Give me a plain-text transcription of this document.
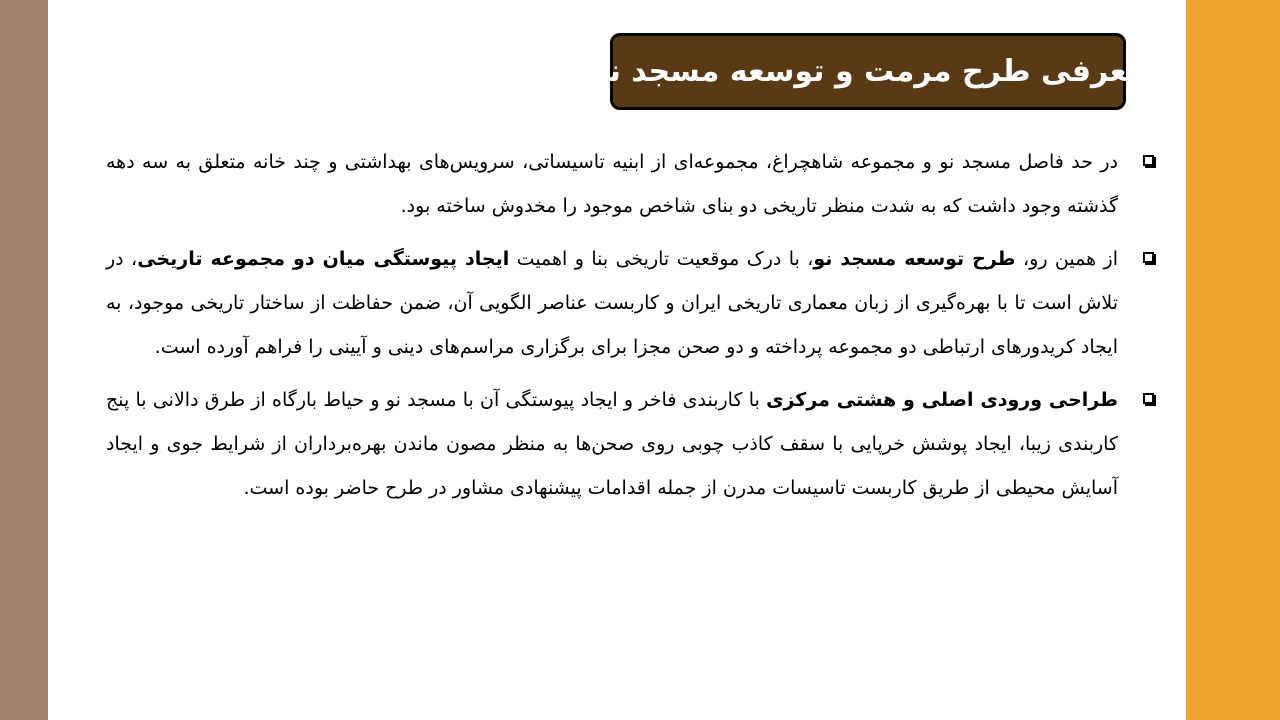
معرفی طرح مرمت و توسعه مسجد نو
در حد فاصل مسجد نو و مجموعه شاهچراغ، مجموعه‌ای از ابنیه تاسیساتی، سرویس‌های بهداشتی و چند خانه متعلق به سه دهه گذشته وجود داشت که به شدت منظر تاریخی دو بنای شاخص موجود را مخدوش ساخته بود.
از همین رو، طرح توسعه مسجد نو، با درک موقعیت تاریخی بنا و اهمیت ایجاد پیوستگی میان دو مجموعه تاریخی، در تلاش است تا با بهره‌گیری از زبان معماری تاریخی ایران و کاربست عناصر الگویی آن، ضمن حفاظت از ساختار تاریخی موجود، به ایجاد کریدورهای ارتباطی دو مجموعه پرداخته و دو صحن مجزا برای برگزاری مراسم‌های دینی و آیینی را فراهم آورده است.
طراحی ورودی اصلی و هشتی مرکزی با کاربندی فاخر و ایجاد پیوستگی آن با مسجد نو و حیاط بارگاه از طرق دالانی با پنج کاربندی زیبا، ایجاد پوشش خرپایی با سقف کاذب چوبی روی صحن‌ها به منظر مصون ماندن بهره‌برداران از شرایط جوی و ایجاد آسایش محیطی از طریق کاربست تاسیسات مدرن از جمله اقدامات پیشنهادی مشاور در طرح حاضر بوده است.
